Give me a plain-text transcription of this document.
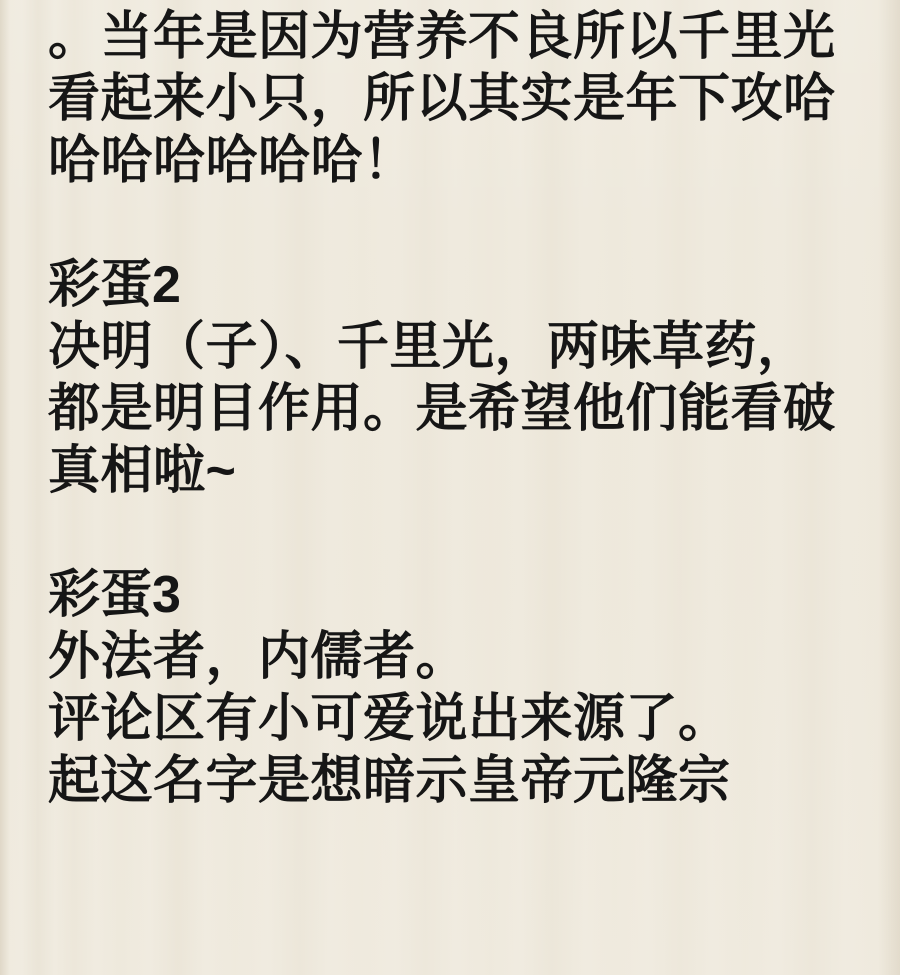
。当年是因为营养不良所以千里光看起来小只，所以其实是年下攻哈哈哈哈哈哈哈！
彩蛋2
决明（子）、千里光，两味草药，都是明目作用。是希望他们能看破真相啦~
彩蛋3
外法者，内儒者。
评论区有小可爱说出来源了。
起这名字是想暗示皇帝元隆宗
